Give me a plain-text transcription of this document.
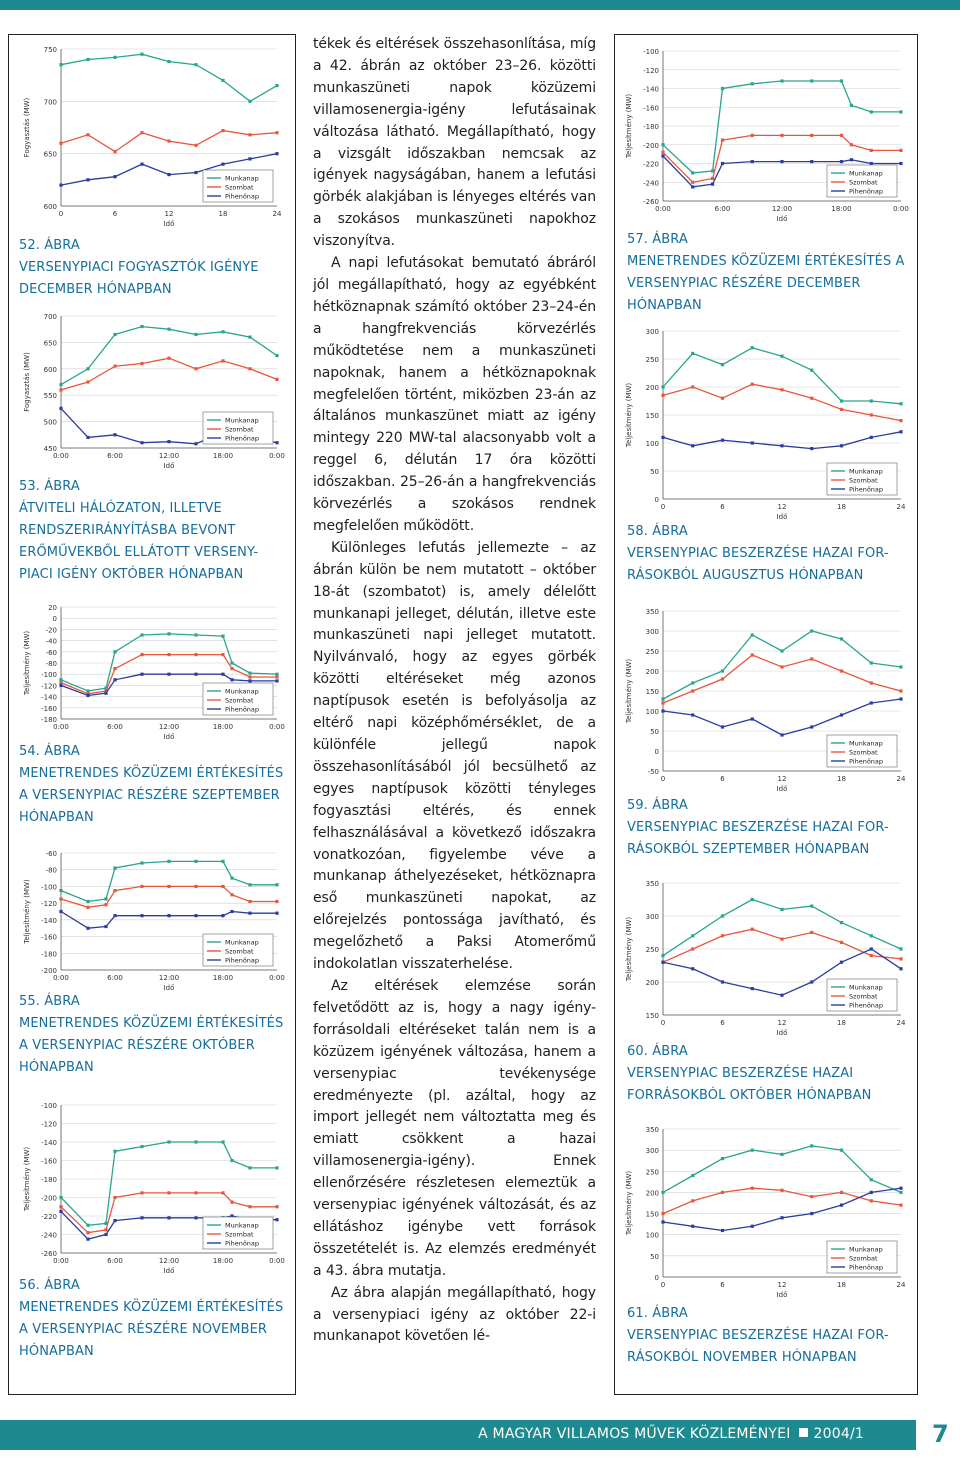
600
650
700
750
0	6	12	18	24
Idő
Fogyasztás (MW)
Munkanap
Szombat
Pihenőnap
52. ÁBRA
VERSENYPIACI FOGYASZTÓK IGÉNYE DECEMBER HÓNAPBAN
450
500
550
600
650
700
0:00	6:00	12:00	18:00	0:00
Idő
Fogyasztás (MW)
Munkanap
Szombat
Pihenőnap
53. ÁBRA
ÁTVITELI HÁLÓZATON, ILLETVE RENDSZERIRÁNYÍTÁSBA BEVONT ERŐMŰVEKBŐL ELLÁTOTT VERSENY-PIACI IGÉNY OKTÓBER HÓNAPBAN
20
0
-20
-40
-60
-80
-100
-120
-140
-160
-180
0:00	6:00	12:00	18:00	0:00
Idő
Teljesítmény (MW)	Munkanap
Szombat
Pihenőnap
54. ÁBRA
MENETRENDES KÖZÜZEMI ÉRTÉKESÍTÉS A VERSENYPIAC RÉSZÉRE SZEPTEMBER HÓNAPBAN
-60
-80
-100
-120
-140
-160
-180
-200
0:00	6:00	12:00	18:00	0:00
Idő
Teljesítmény (MW)	Munkanap
Szombat
Pihenőnap
55. ÁBRA
MENETRENDES KÖZÜZEMI ÉRTÉKESÍTÉS A VERSENYPIAC RÉSZÉRE OKTÓBER HÓNAPBAN
-100
-120
-140
-160
-180
-200
-220
-240
-260
0:00	6:00	12:00	18:00	0:00
Idő
Teljesítmény (MW)
Munkanap
Szombat
Pihenőnap
56. ÁBRA
MENETRENDES KÖZÜZEMI ÉRTÉKESÍTÉS A VERSENYPIAC RÉSZÉRE NOVEMBER HÓNAPBAN

tékek és eltérések összehasonlítása, míg a 42. ábrán az október 23–26. közötti munkaszüneti napok közüzemi villamosenergia-igény lefutásainak változása látható. Megállapítható, hogy a vizsgált időszakban nemcsak az igények nagyságában, hanem a lefutási görbék alakjában is lényeges eltérés van a szokásos munkaszüneti napokhoz viszonyítva.

A napi lefutásokat bemutató ábráról jól megállapítható, hogy az egyébként hétköznapnak számító október 23–24-én a hangfrekvenciás körvezérlés működtetése nem a munkaszüneti napoknak, hanem a hétköznapoknak megfelelően történt, miközben 23-án az általános munkaszünet miatt az igény mintegy 220 MW-tal alacsonyabb volt a reggel 6, délután 17 óra közötti időszakban. 25–26-án a hangfrekvenciás körvezérlés a szokásos rendnek megfelelően működött.

Különleges lefutás jellemezte – az ábrán külön be nem mutatott – október 18-át (szombatot) is, amely délelőtt munkanapi jelleget, délután, illetve este munkaszüneti napi jelleget mutatott. Nyilvánvaló, hogy az egyes görbék közötti eltéréseket még azonos naptípusok esetén is befolyásolja az eltérő napi középhőmérséklet, de a különféle jellegű napok összehasonlításából jól becsülhető az egyes naptípusok közötti tényleges fogyasztási eltérés, és ennek felhasználásával a következő időszakra vonatkozóan, figyelembe véve a munkanap áthelyezéseket, hétköznapra eső munkaszüneti napokat, az előrejelzés pontossága javítható, és megelőzhető a Paksi Atomerőmű indokolatlan visszaterhelése.

Az eltérések elemzése során felvetődött az is, hogy a nagy igény-forrásoldali eltéréseket talán nem is a közüzem igényének változása, hanem a versenypiac tevékenysége eredményezte (pl. azáltal, hogy az import jellegét nem változtatta meg és emiatt csökkent a hazai villamosenergia-igény). Ennek ellenőrzésére részletesen elemeztük a versenypiac igényének változását, és az ellátáshoz igénybe vett források összetételét is. Az elemzés eredményét a 43. ábra mutatja.

Az ábra alapján megállapítható, hogy a versenypiaci igény az október 22-i munkanapot követően lé-

-100
-120
-140
-160
-180
-200
-220
-240
-260
0:00	6:00	12:00	18:00	0:00
Idő
Teljesítmény (MW)
Munkanap
Szombat
Pihenőnap
57. ÁBRA
MENETRENDES KÖZÜZEMI ÉRTÉKESÍTÉS A VERSENYPIAC RÉSZÉRE DECEMBER HÓNAPBAN
0
50
100
150
200
250
300
0	6	12	18	24
Idő
Teljesítmény (MW)
Munkanap
Szombat
Pihenőnap
58. ÁBRA
VERSENYPIAC BESZERZÉSE HAZAI FOR-RÁSOKBÓL AUGUSZTUS HÓNAPBAN
-50
0
50
100
150
200
250
300
350
0	6	12	18	24
Idő
Teljesítmény (MW)
Munkanap
Szombat
Pihenőnap
59. ÁBRA
VERSENYPIAC BESZERZÉSE HAZAI FOR-RÁSOKBÓL SZEPTEMBER HÓNAPBAN
150
200
250
300
350
0	6	12	18	24
Idő
Teljesítmény (MW)
Munkanap
Szombat
Pihenőnap
60. ÁBRA
VERSENYPIAC BESZERZÉSE HAZAI FORRÁSOKBÓL OKTÓBER HÓNAPBAN
0
50
100
150
200
250
300
350
0	6	12	18	24
Idő
Teljesítmény (MW)
Munkanap
Szombat
Pihenőnap
61. ÁBRA
VERSENYPIAC BESZERZÉSE HAZAI FOR-RÁSOKBÓL NOVEMBER HÓNAPBAN
A MAGYAR VILLAMOS MŰVEK KÖZLEMÉNYEI 2004/1	7
